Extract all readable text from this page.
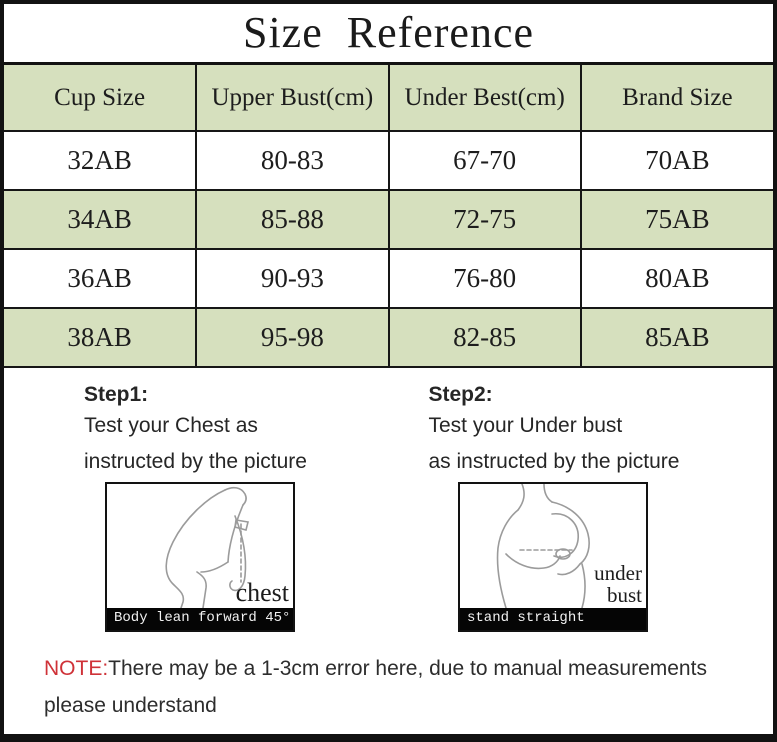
Size  Reference
Cup Size	Upper Bust(cm)	Under Best(cm)	Brand Size
32AB	80-83	67-70	70AB
34AB	85-88	72-75	75AB
36AB	90-93	76-80	80AB
38AB	95-98	82-85	85AB
Step1:
Test your Chest as
instructed by the picture
Step2:
Test your Under bust
as instructed by the picture
chest
Body lean forward 45°
under
bust
stand straight
NOTE:There may be a 1-3cm error here, due to manual measurements
please understand
